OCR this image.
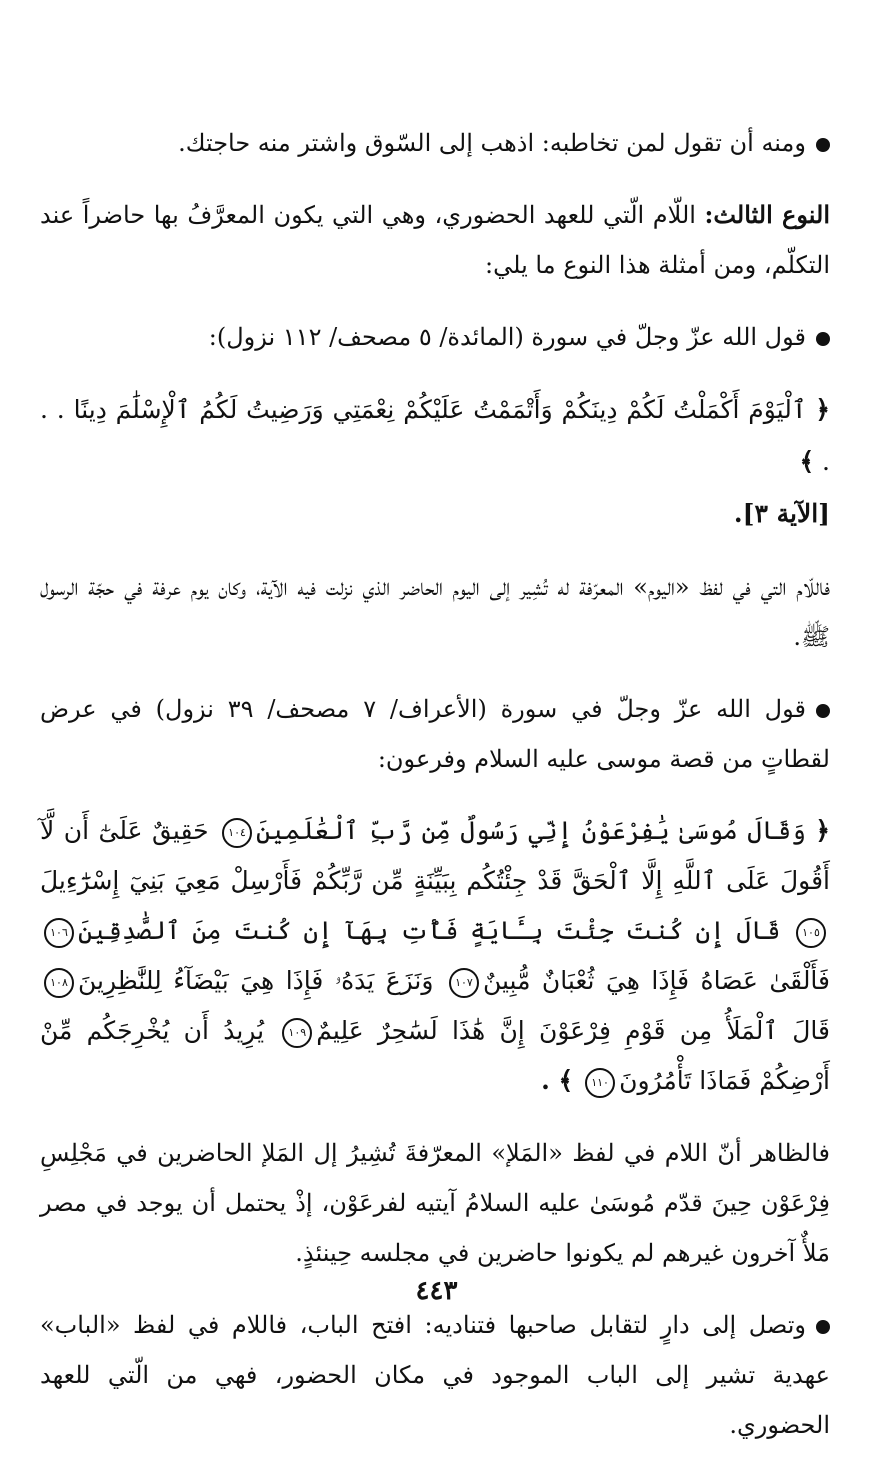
ومنه أن تقول لمن تخاطبه: اذهب إلى السّوق واشتر منه حاجتك.

النوع الثالث: اللّام الّتي للعهد الحضوري، وهي التي يكون المعرَّفُ بها حاضراً عند التكلّم، ومن أمثلة هذا النوع ما يلي:

قول الله عزّ وجلّ في سورة (المائدة/ ٥ مصحف/ ١١٢ نزول):

﴿ ٱلْيَوْمَ أَكْمَلْتُ لَكُمْ دِينَكُمْ وَأَتْمَمْتُ عَلَيْكُمْ نِعْمَتِي وَرَضِيتُ لَكُمُ ٱلْإِسْلَٰمَ دِينًا . . . ﴾
[الآية ٣].

فاللّام التي في لفظ «اليوم» المعرّفة له تُشِير إلى اليوم الحاضر الذي نزلت فيه الآية، وكان يوم عرفة في حجّة الرسول ﷺ.

قول الله عزّ وجلّ في سورة (الأعراف/ ٧ مصحف/ ٣٩ نزول) في عرض لقطاتٍ من قصة موسى عليه السلام وفرعون:

﴿ وَقَالَ مُوسَىٰ يَٰفِرْعَوْنُ إِنِّي رَسُولٌ مِّن رَّبِّ ٱلْعَٰلَمِينَ١٠٤ حَقِيقٌ عَلَىٰٓ أَن لَّآ أَقُولَ عَلَى ٱللَّهِ إِلَّا ٱلْحَقَّ قَدْ جِئْتُكُم بِبَيِّنَةٍ مِّن رَّبِّكُمْ فَأَرْسِلْ مَعِيَ بَنِيٓ إِسْرَٰٓءِيلَ١٠٥ قَالَ إِن كُنتَ جِئْتَ بِـَٔايَةٍ فَأْتِ بِهَآ إِن كُنتَ مِنَ ٱلصَّٰدِقِينَ١٠٦ فَأَلْقَىٰ عَصَاهُ فَإِذَا هِيَ ثُعْبَانٌ مُّبِينٌ١٠٧ وَنَزَعَ يَدَهُۥ فَإِذَا هِيَ بَيْضَآءُ لِلنَّٰظِرِينَ١٠٨ قَالَ ٱلْمَلَأُ مِن قَوْمِ فِرْعَوْنَ إِنَّ هَٰذَا لَسَٰحِرٌ عَلِيمٌ١٠٩ يُرِيدُ أَن يُخْرِجَكُم مِّنْ أَرْضِكُمْ فَمَاذَا تَأْمُرُونَ١١٠ ﴾ .

فالظاهر أنّ اللام في لفظ «المَلإ» المعرّفةَ تُشِيرُ إل المَلإ الحاضرين في مَجْلِسِ فِرْعَوْن حِينَ قدّم مُوسَىٰ عليه السلامُ آيتيه لفرعَوْن، إذْ يحتمل أن يوجد في مصر مَلأٌ آخرون غيرهم لم يكونوا حاضرين في مجلسه حِينئذٍ.

وتصل إلى دارٍ لتقابل صاحبها فتناديه: افتح الباب، فاللام في لفظ «الباب» عهدية تشير إلى الباب الموجود في مكان الحضور، فهي من الّتي للعهد الحضوري.

٤٤٣
